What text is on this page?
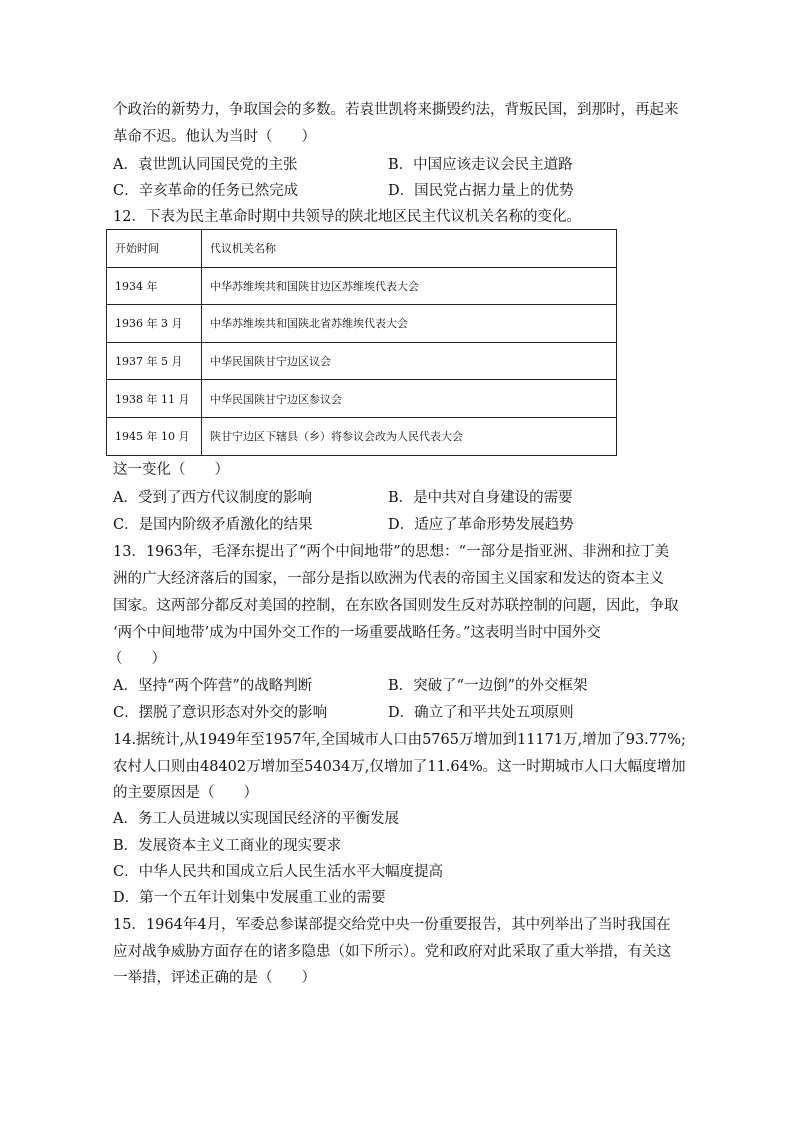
个政治的新势力，争取国会的多数。若袁世凯将来撕毁约法，背叛民国，到那时，再起来
革命不迟。他认为当时（　　）
A．袁世凯认同国民党的主张	B．中国应该走议会民主道路
C．辛亥革命的任务已然完成	D．国民党占据力量上的优势
12．下表为民主革命时期中共领导的陕北地区民主代议机关名称的变化。
开始时间	代议机关名称
1934 年	中华苏维埃共和国陕甘边区苏维埃代表大会
1936 年 3 月	中华苏维埃共和国陕北省苏维埃代表大会
1937 年 5 月	中华民国陕甘宁边区议会
1938 年 11 月	中华民国陕甘宁边区参议会
1945 年 10 月	陕甘宁边区下辖县（乡）将参议会改为人民代表大会
这一变化（　　）
A．受到了西方代议制度的影响	B．是中共对自身建设的需要
C．是国内阶级矛盾激化的结果	D．适应了革命形势发展趋势
13．1963年，毛泽东提出了“两个中间地带”的思想：“一部分是指亚洲、非洲和拉丁美
洲的广大经济落后的国家，一部分是指以欧洲为代表的帝国主义国家和发达的资本主义
国家。这两部分都反对美国的控制，在东欧各国则发生反对苏联控制的问题，因此，争取
‘两个中间地带’成为中国外交工作的一场重要战略任务。”这表明当时中国外交
（　　）
A．坚持“两个阵营”的战略判断	B．突破了“一边倒”的外交框架
C．摆脱了意识形态对外交的影响	D．确立了和平共处五项原则
14.据统计,从1949年至1957年,全国城市人口由5765万增加到11171万,增加了93.77%;
农村人口则由48402万增加至54034万,仅增加了11.64%。这一时期城市人口大幅度增加
的主要原因是（　　）
A．务工人员进城以实现国民经济的平衡发展
B．发展资本主义工商业的现实要求
C．中华人民共和国成立后人民生活水平大幅度提高
D．第一个五年计划集中发展重工业的需要
15．1964年4月，军委总参谋部提交给党中央一份重要报告，其中列举出了当时我国在
应对战争威胁方面存在的诸多隐患（如下所示）。党和政府对此采取了重大举措，有关这
一举措，评述正确的是（　　）
